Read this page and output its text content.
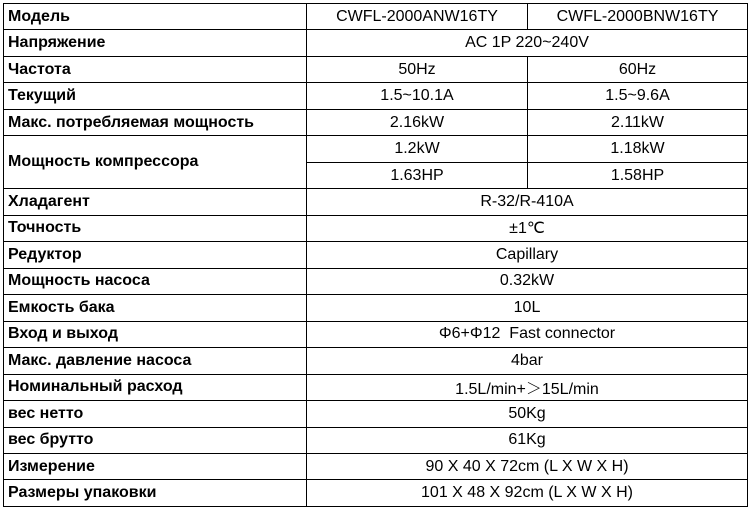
Модель	CWFL-2000ANW16TY	CWFL-2000BNW16TY
Напряжение	AC 1P 220~240V	
Частота	50Hz	60Hz
Текущий	1.5~10.1A	1.5~9.6A
Макс. потребляемая мощность	2.16kW	2.11kW
Мощность компрессора	1.2kW	1.18kW
	1.63HP	1.58HP
Хладагент	R-32/R-410A	
Точность	±1℃	
Редуктор	Capillary	
Мощность насоса	0.32kW	
Емкость бака	10L	
Вход и выход	Φ6+Φ12  Fast connector	
Макс. давление насоса	4bar	
Номинальный расход	1.5L/min+＞15L/min	
вес нетто	50Kg	
вес брутто	61Kg	
Измерение	90 X 40 X 72cm (L X W X H)	
Размеры упаковки	101 X 48 X 92cm (L X W X H)	
